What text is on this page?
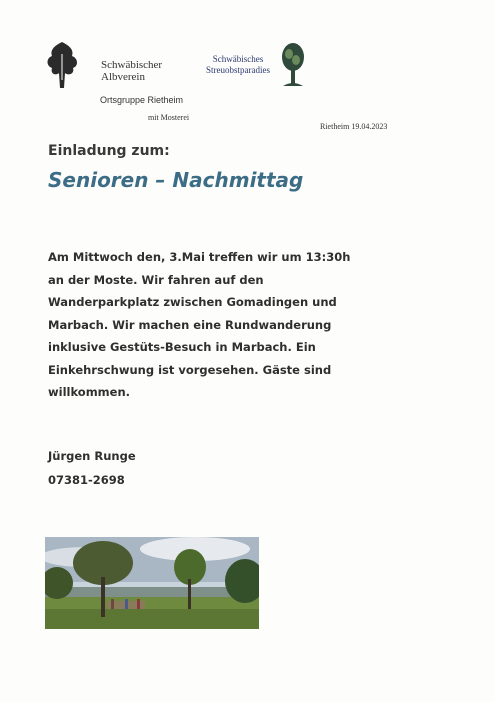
Schwäbischer
Albverein
Ortsgruppe Rietheim
mit Mosterei
Schwäbisches
Streuobstparadies
Rietheim 19.04.2023
Einladung zum:
Senioren – Nachmittag
Am Mittwoch den, 3.Mai treffen wir um 13:30h
an der Moste. Wir fahren auf den
Wanderparkplatz zwischen Gomadingen und
Marbach. Wir machen eine Rundwanderung
inklusive Gestüts-Besuch in Marbach. Ein
Einkehrschwung ist vorgesehen. Gäste sind
willkommen.
Jürgen Runge
07381-2698
